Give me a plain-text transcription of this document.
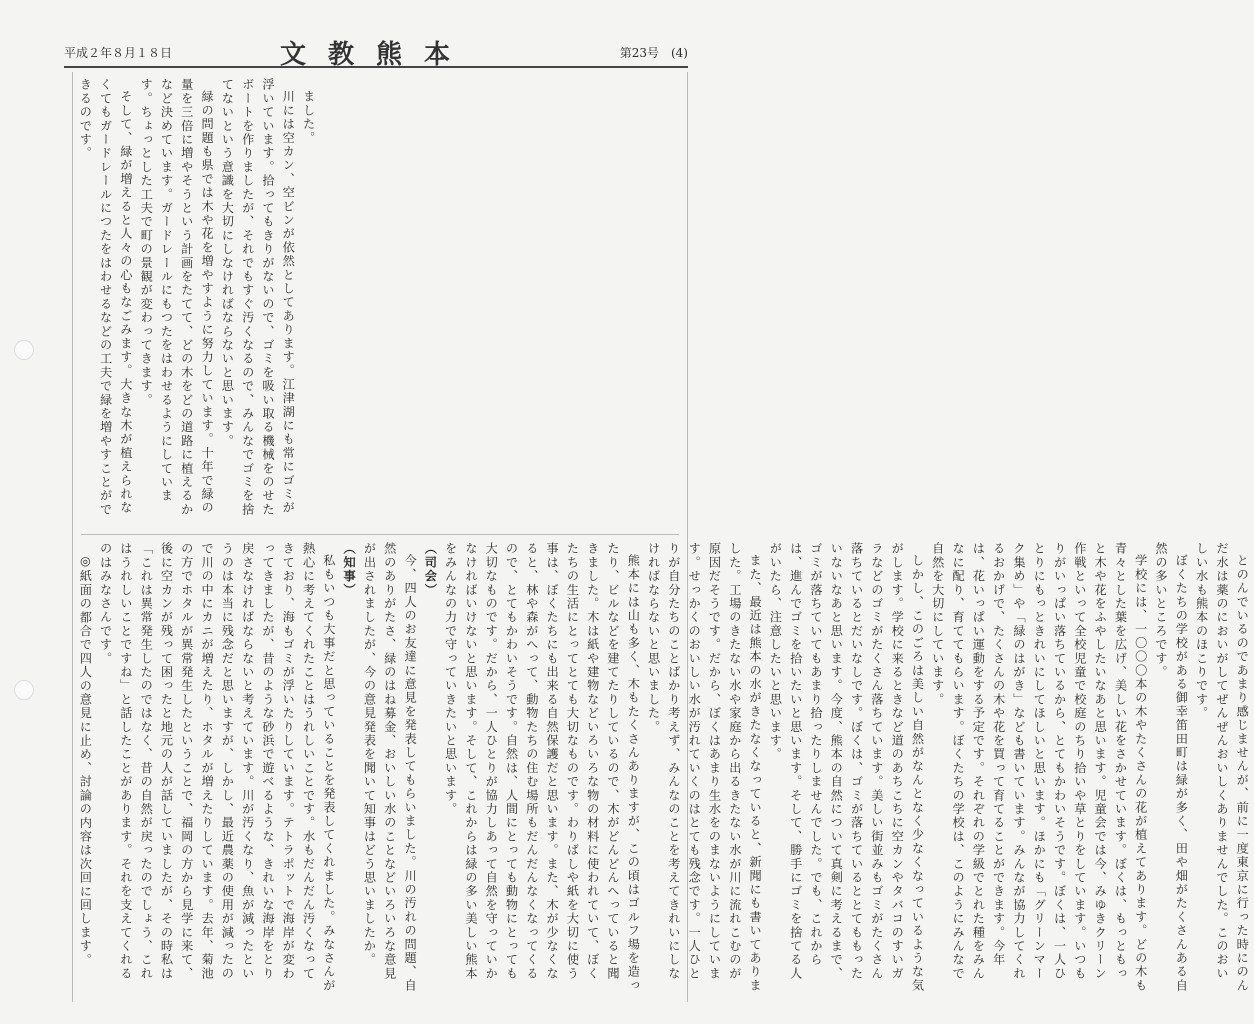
平成２年８月１８日	文教熊本	第23号　(4)

ました。

川には空カン、空ビンが依然としてあります。江津湖にも常にゴミが浮いています。拾ってもきりがないので、ゴミを吸い取る機械をのせたボートを作りましたが、それでもすぐ汚くなるので、みんなでゴミを捨てないという意識を大切にしなければならないと思います。

緑の問題も県では木や花を増やすように努力しています。十年で緑の量を三倍に増やそうという計画をたてて、どの木をどの道路に植えるかなど決めています。ガードレールにもつたをはわせるようにしています。ちょっとした工夫で町の景観が変わってきます。

そして、緑が増えると人々の心もなごみます。大きな木が植えられなくてもガードレールにつたをはわせるなどの工夫で緑を増やすことができるのです。

とのんでいるのであまり感じませんが、前に一度東京に行った時にのんだ水は薬のにおいがしてぜんぜんおいしくありませんでした。このおいしい水も熊本のほこりです。

ぼくたちの学校がある御幸笛田町は緑が多く、田や畑がたくさんある自然の多いところです。

学校には、一〇〇〇本の木やたくさんの花が植えてあります。どの木も青々とした葉を広げ、美しい花をさかせています。ぼくは、もっともっと木や花をふやしたいなあと思います。児童会では今、みゆきクリーン作戦といって全校児童で校庭のちり拾いや草とりをしています。いつもりがいっぱい落ちているから、とてもかわいそうです。ぼくは、一人ひとりにもっときれいにしてほしいと思います。ほかにも「グリーンマーク集め」や「緑のはがき」なども書いています。みんなが協力してくれるおかげで、たくさんの木や花を買って育てることができます。今年は、花いっぱい運動をする予定です。それぞれの学級でとれた種をみんなに配り、育ててもらいます。ぼくたちの学校は、このようにみんなで自然を大切にしています。

しかし、このごろは美しい自然がなんとなく少なくなっているような気がします。学校に来るときなど道のあちこちに空カンやタバコのすいガラなどのゴミがたくさん落ちています。美しい街並みもゴミがたくさん落ちているとだいなしです。ぼくは、ゴミが落ちているととてももったいないなあと思います。今度、熊本の自然について真剣に考えるまで、ゴミが落ちていてもあまり拾ったりしませんでした。でも、これからは、進んでゴミを拾いたいと思います。そして、勝手にゴミを捨てる人がいたら、注意したいと思います。

また、最近は熊本の水がきたなくなっていると、新聞にも書いてありました。工場のきたない水や家庭から出るきたない水が川に流れこむのが原因だそうです。だから、ぼくはあまり生水をのまないようにしています。せっかくのおいしい水が汚れていくのはとても残念です。一人ひとりが自分たちのことばかり考えず、みんなのことを考えてきれいにしなければならないと思いました。

熊本には山も多く、木もたくさんありますが、この頃はゴルフ場を造ったり、ビルなどを建てたりしているので、木がどんどんへっていると聞きました。木は紙や建物などいろいろな物の材料に使われていて、ぼくたちの生活にとってとても大切なものです。わりばしや紙を大切に使う事は、ぼくたちにも出来る自然保護だと思います。また、木が少なくなると、林や森がへって、動物たちの住む場所もだんだんなくなってくるので、とてもかわいそうです。自然は、人間にとっても動物にとっても大切なものです。だから、一人ひとりが協力しあって自然を守っていかなければいけないと思います。そして、これからは緑の多い美しい熊本をみんなの力で守っていきたいと思います。

（司会）

今、四人のお友達に意見を発表してもらいました。川の汚れの問題、自然のありがたさ、緑のはね募金、おいしい水のことなどいろいろな意見が出されましたが、今の意見発表を聞いて知事はどう思いましたか。

（知事）

私もいつも大事だと思っていることを発表してくれました。みなさんが熱心に考えてくれたことはうれしいことです。水もだんだん汚くなってきており、海もゴミが浮いたりしています。テトラポットで海岸が変わってきましたが、昔のような砂浜で遊べるような、きれいな海岸をとり戻さなければならないと考えています。川が汚くなり、魚が減ったというのは本当に残念だと思いますが、しかし、最近農薬の使用が減ったので川の中にカニが増えたり、ホタルが増えたりしています。去年、菊池の方でホタルが異常発生したということで、福岡の方から見学に来て、後に空カンが残って困ったと地元の人が話していましたが、その時私は「これは異常発生したのではなく、昔の自然が戻ったのでしょう、これはうれしいことですね」と話したことがあります。それを支えてくれるのはみなさんです。

◎紙面の都合で四人の意見に止め、討論の内容は次回に回します。
